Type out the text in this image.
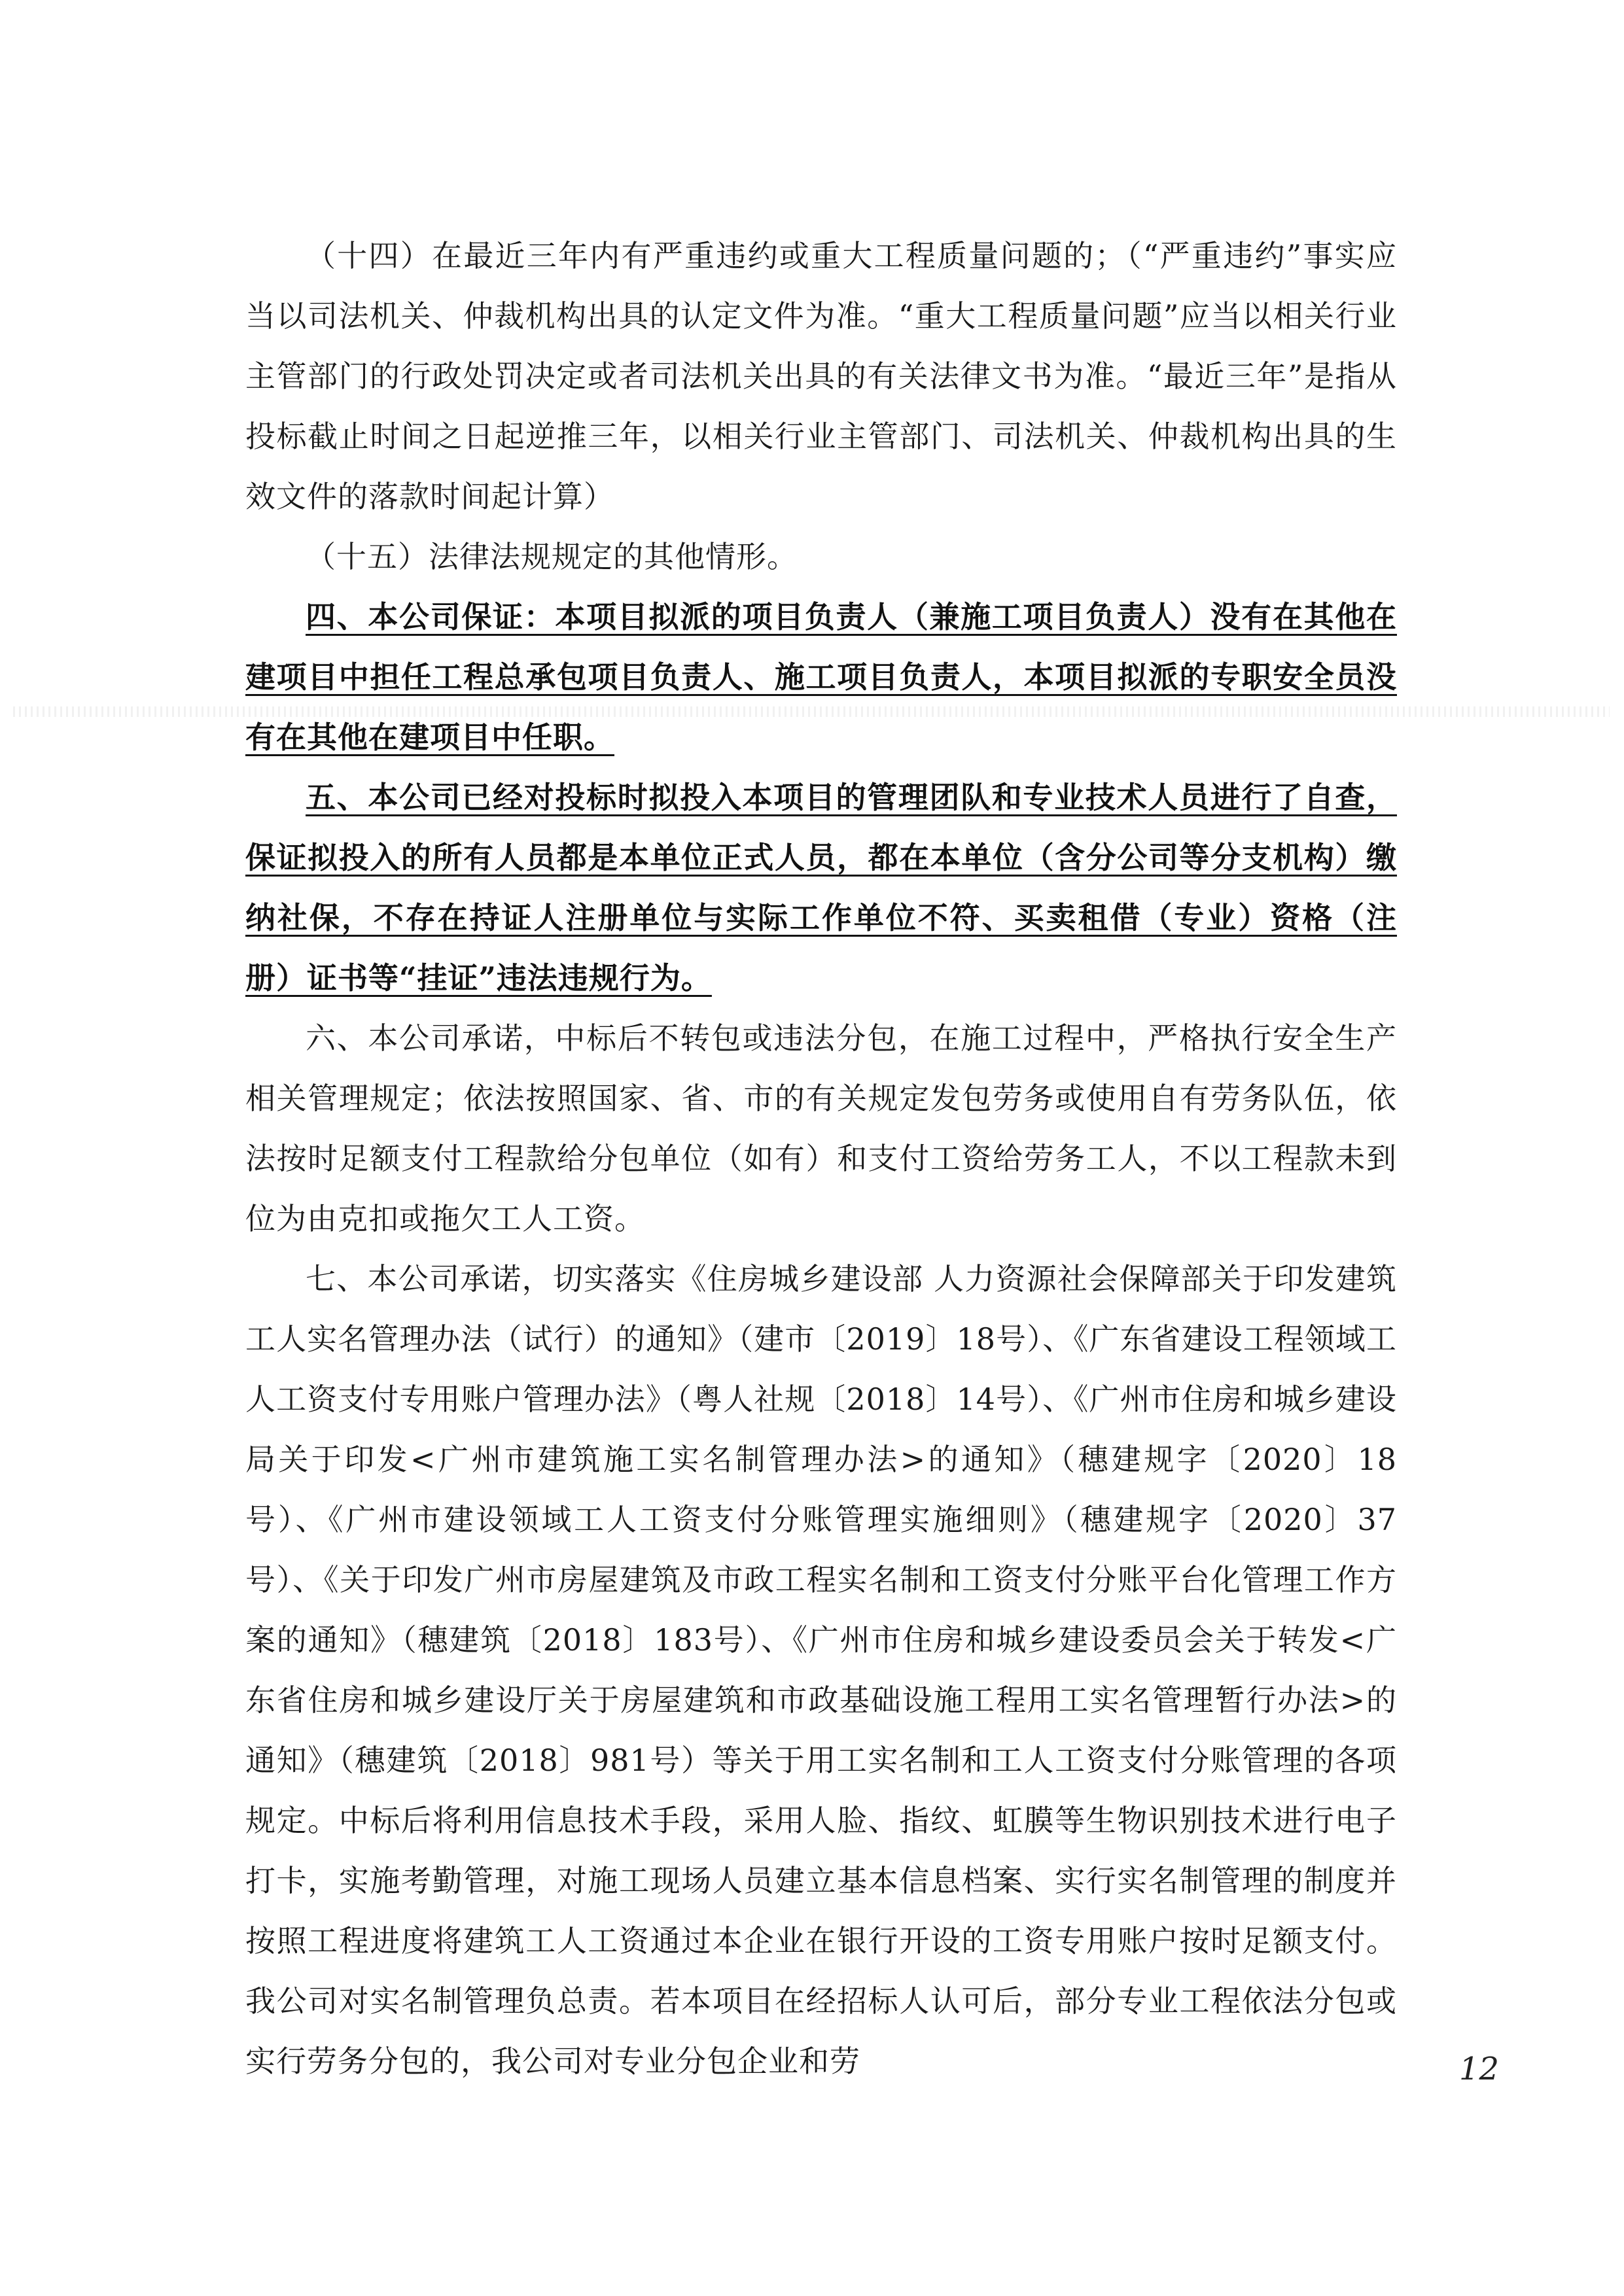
（十四）在最近三年内有严重违约或重大工程质量问题的；（“严重违约”事实应当以司法机关、仲裁机构出具的认定文件为准。“重大工程质量问题”应当以相关行业主管部门的行政处罚决定或者司法机关出具的有关法律文书为准。“最近三年”是指从投标截止时间之日起逆推三年，以相关行业主管部门、司法机关、仲裁机构出具的生效文件的落款时间起计算）

（十五）法律法规规定的其他情形。

四、本公司保证：本项目拟派的项目负责人（兼施工项目负责人）没有在其他在建项目中担任工程总承包项目负责人、施工项目负责人，本项目拟派的专职安全员没有在其他在建项目中任职。

五、本公司已经对投标时拟投入本项目的管理团队和专业技术人员进行了自查，保证拟投入的所有人员都是本单位正式人员，都在本单位（含分公司等分支机构）缴纳社保，不存在持证人注册单位与实际工作单位不符、买卖租借（专业）资格（注册）证书等“挂证”违法违规行为。

六、本公司承诺，中标后不转包或违法分包，在施工过程中，严格执行安全生产相关管理规定；依法按照国家、省、市的有关规定发包劳务或使用自有劳务队伍，依法按时足额支付工程款给分包单位（如有）和支付工资给劳务工人，不以工程款未到位为由克扣或拖欠工人工资。

七、本公司承诺，切实落实《住房城乡建设部 人力资源社会保障部关于印发建筑工人实名管理办法（试行）的通知》（建市〔2019〕18号）、《广东省建设工程领域工人工资支付专用账户管理办法》（粤人社规〔2018〕14号）、《广州市住房和城乡建设局关于印发<广州市建筑施工实名制管理办法>的通知》（穗建规字〔2020〕18号）、《广州市建设领域工人工资支付分账管理实施细则》（穗建规字〔2020〕37号）、《关于印发广州市房屋建筑及市政工程实名制和工资支付分账平台化管理工作方案的通知》（穗建筑〔2018〕183号）、《广州市住房和城乡建设委员会关于转发<广东省住房和城乡建设厅关于房屋建筑和市政基础设施工程用工实名管理暂行办法>的通知》（穗建筑〔2018〕981号）等关于用工实名制和工人工资支付分账管理的各项规定。中标后将利用信息技术手段，采用人脸、指纹、虹膜等生物识别技术进行电子打卡，实施考勤管理，对施工现场人员建立基本信息档案、实行实名制管理的制度并按照工程进度将建筑工人工资通过本企业在银行开设的工资专用账户按时足额支付。我公司对实名制管理负总责。若本项目在经招标人认可后，部分专业工程依法分包或实行劳务分包的，我公司对专业分包企业和劳	12
